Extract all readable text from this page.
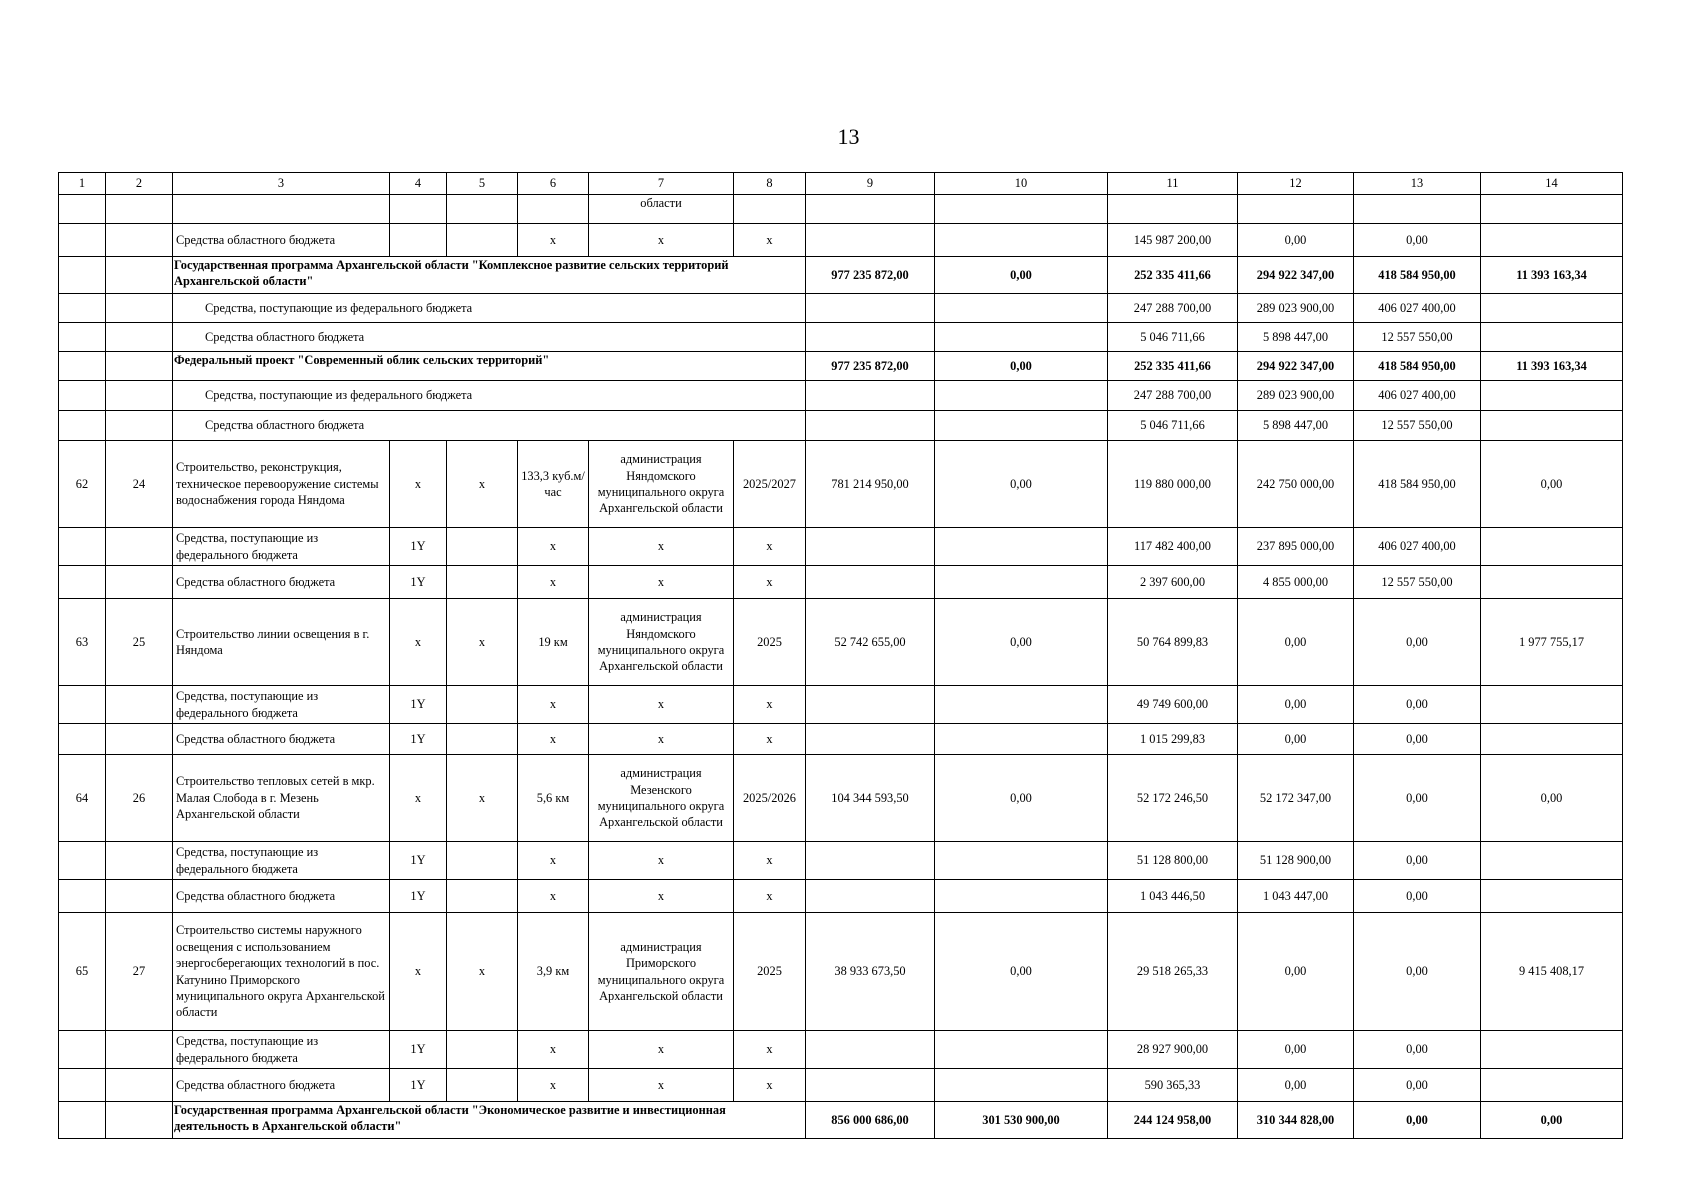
13
1	2	3	4	5	6	7	8	9	10	11	12	13	14
						области							
		Средства областного бюджета			х	х	х			145 987 200,00	0,00	0,00	
		Государственная программа Архангельской области "Комплексное развитие сельских территорий Архангельской области"						977 235 872,00	0,00	252 335 411,66	294 922 347,00	418 584 950,00	11 393 163,34
		Средства, поступающие из федерального бюджета								247 288 700,00	289 023 900,00	406 027 400,00	
		Средства областного бюджета								5 046 711,66	5 898 447,00	12 557 550,00	
		Федеральный проект "Современный облик сельских территорий"						977 235 872,00	0,00	252 335 411,66	294 922 347,00	418 584 950,00	11 393 163,34
		Средства, поступающие из федерального бюджета								247 288 700,00	289 023 900,00	406 027 400,00	
		Средства областного бюджета								5 046 711,66	5 898 447,00	12 557 550,00	
62	24	Строительство, реконструкция, техническое перевооружение системы водоснабжения города Няндома	х	х	133,3 куб.м/час	администрация Няндомского муниципального округа Архангельской области	2025/2027	781 214 950,00	0,00	119 880 000,00	242 750 000,00	418 584 950,00	0,00
		Средства, поступающие из федерального бюджета	1Y		х	х	х			117 482 400,00	237 895 000,00	406 027 400,00	
		Средства областного бюджета	1Y		х	х	х			2 397 600,00	4 855 000,00	12 557 550,00	
63	25	Строительство линии освещения в г. Няндома	х	х	19 км	администрация Няндомского муниципального округа Архангельской области	2025	52 742 655,00	0,00	50 764 899,83	0,00	0,00	1 977 755,17
		Средства, поступающие из федерального бюджета	1Y		х	х	х			49 749 600,00	0,00	0,00	
		Средства областного бюджета	1Y		х	х	х			1 015 299,83	0,00	0,00	
64	26	Строительство тепловых сетей в мкр. Малая Слобода в г. Мезень Архангельской области	х	х	5,6 км	администрация Мезенского муниципального округа Архангельской области	2025/2026	104 344 593,50	0,00	52 172 246,50	52 172 347,00	0,00	0,00
		Средства, поступающие из федерального бюджета	1Y		х	х	х			51 128 800,00	51 128 900,00	0,00	
		Средства областного бюджета	1Y		х	х	х			1 043 446,50	1 043 447,00	0,00	
65	27	Строительство системы наружного освещения с использованием энергосберегающих технологий в пос. Катунино Приморского муниципального округа Архангельской области	х	х	3,9 км	администрация Приморского муниципального округа Архангельской области	2025	38 933 673,50	0,00	29 518 265,33	0,00	0,00	9 415 408,17
		Средства, поступающие из федерального бюджета	1Y		х	х	х			28 927 900,00	0,00	0,00	
		Средства областного бюджета	1Y		х	х	х			590 365,33	0,00	0,00	
		Государственная программа Архангельской области "Экономическое развитие и инвестиционная деятельность в Архангельской области"						856 000 686,00	301 530 900,00	244 124 958,00	310 344 828,00	0,00	0,00
